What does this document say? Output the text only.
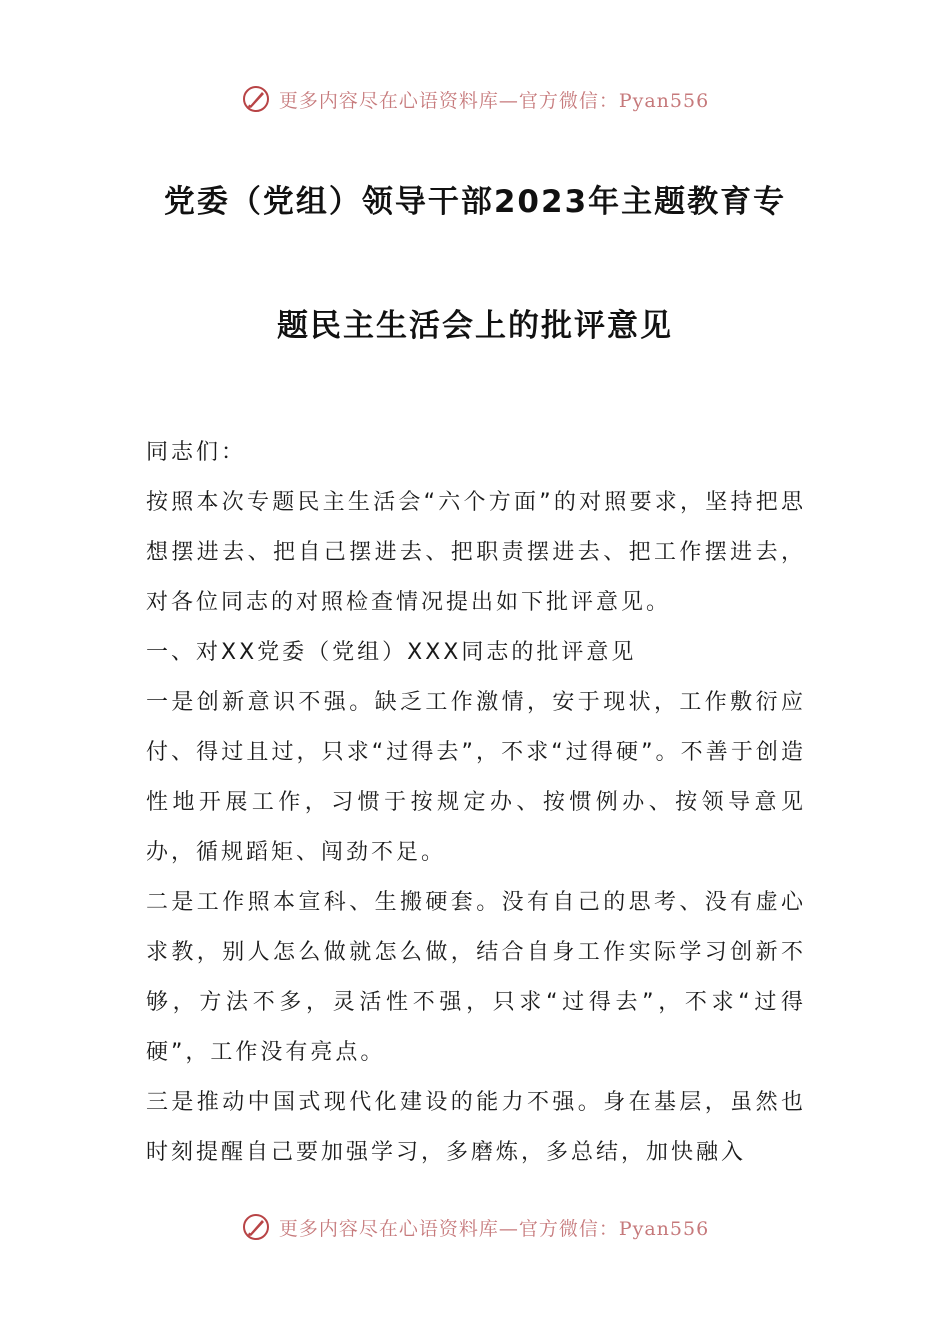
更多内容尽在心语资料库—官方微信：Pyan556
党委（党组）领导干部2023年主题教育专
题民主生活会上的批评意见

同志们：

按照本次专题民主生活会“六个方面”的对照要求，坚持把思想摆进去、把自己摆进去、把职责摆进去、把工作摆进去，对各位同志的对照检查情况提出如下批评意见。

一、对XX党委（党组）XXX同志的批评意见

一是创新意识不强。缺乏工作激情，安于现状，工作敷衍应付、得过且过，只求“过得去”，不求“过得硬”。不善于创造性地开展工作，习惯于按规定办、按惯例办、按领导意见办，循规蹈矩、闯劲不足。

二是工作照本宣科、生搬硬套。没有自己的思考、没有虚心求教，别人怎么做就怎么做，结合自身工作实际学习创新不够，方法不多，灵活性不强，只求“过得去”，不求“过得硬”，工作没有亮点。

三是推动中国式现代化建设的能力不强。身在基层，虽然也时刻提醒自己要加强学习，多磨炼，多总结，加快融入

更多内容尽在心语资料库—官方微信：Pyan556
